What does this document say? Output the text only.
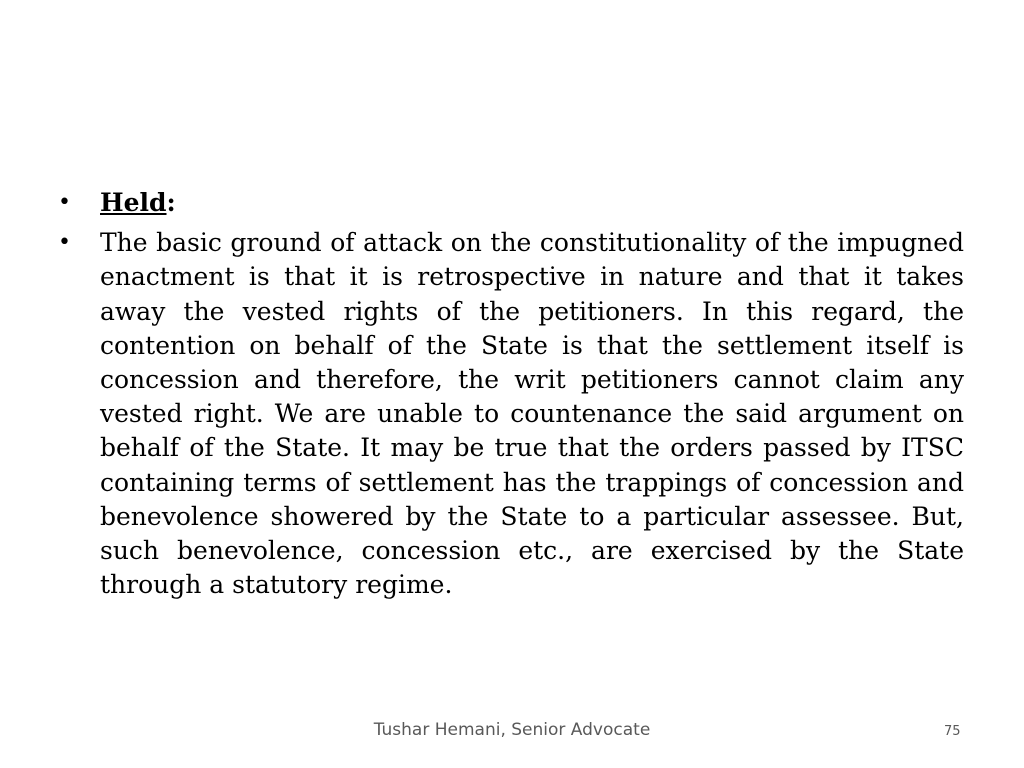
• Held:
• The basic ground of attack on the constitutionality of the impugned enactment is that it is retrospective in nature and that it takes away the vested rights of the petitioners. In this regard, the contention on behalf of the State is that the settlement itself is concession and therefore, the writ petitioners cannot claim any vested right. We are unable to countenance the said argument on behalf of the State. It may be true that the orders passed by ITSC containing terms of settlement has the trappings of concession and benevolence showered by the State to a particular assessee. But, such benevolence, concession etc., are exercised by the State through a statutory regime.
Tushar Hemani, Senior Advocate	75
